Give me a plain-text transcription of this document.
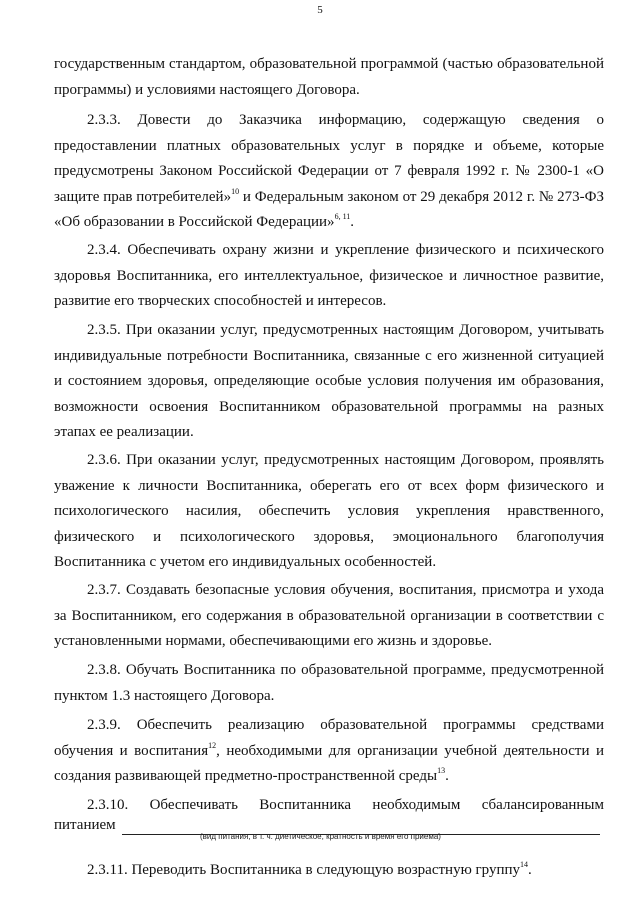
5

государственным стандартом, образовательной программой (частью образовательной программы) и условиями настоящего Договора.

2.3.3. Довести до Заказчика информацию, содержащую сведения о предоставлении платных образовательных услуг в порядке и объеме, которые предусмотрены Законом Российской Федерации от 7 февраля 1992 г. № 2300-1 «О защите прав потребителей»$^{10}$ и Федеральным законом от 29 декабря 2012 г. № 273-ФЗ «Об образовании в Российской Федерации»$^{6, 11}$.

2.3.4. Обеспечивать охрану жизни и укрепление физического и психического здоровья Воспитанника, его интеллектуальное, физическое и личностное развитие, развитие его творческих способностей и интересов.

2.3.5. При оказании услуг, предусмотренных настоящим Договором, учитывать индивидуальные потребности Воспитанника, связанные с его жизненной ситуацией и состоянием здоровья, определяющие особые условия получения им образования, возможности освоения Воспитанником образовательной программы на разных этапах ее реализации.

2.3.6. При оказании услуг, предусмотренных настоящим Договором, проявлять уважение к личности Воспитанника, оберегать его от всех форм физического и психологического насилия, обеспечить условия укрепления нравственного, физического и психологического здоровья, эмоционального благополучия Воспитанника с учетом его индивидуальных особенностей.

2.3.7. Создавать безопасные условия обучения, воспитания, присмотра и ухода за Воспитанником, его содержания в образовательной организации в соответствии с установленными нормами, обеспечивающими его жизнь и здоровье.

2.3.8. Обучать Воспитанника по образовательной программе, предусмотренной пунктом 1.3 настоящего Договора.

2.3.9. Обеспечить реализацию образовательной программы средствами обучения и воспитания$^{12}$, необходимыми для организации учебной деятельности и создания развивающей предметно-пространственной среды$^{13}$.

2.3.10. Обеспечивать Воспитанника необходимым сбалансированным

питанием
(вид питания, в т. ч. диетическое, кратность и время его приема)

2.3.11. Переводить Воспитанника в следующую возрастную группу$^{14}$.
